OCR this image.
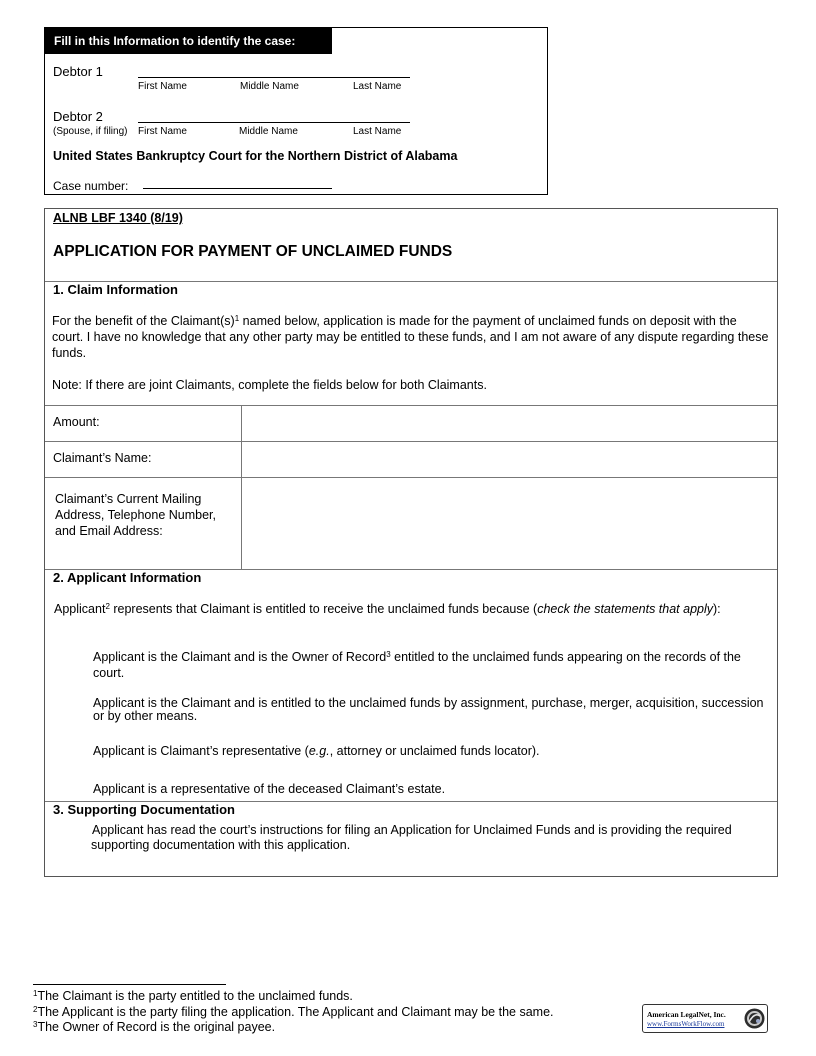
Fill in this Information to identify the case:
Debtor 1
First Name	Middle Name	Last Name
Debtor 2
(Spouse, if filing) First Name	Middle Name	Last Name
United States Bankruptcy Court for the Northern District of Alabama
Case number:
ALNB LBF 1340 (8/19)
APPLICATION FOR PAYMENT OF UNCLAIMED FUNDS
1. Claim Information
For the benefit of the $Claimant(s)^1$ named below, application is made for the payment of unclaimed funds on deposit with the court. I have no knowledge that any other party may be entitled to these funds, and I am not aware of any dispute regarding these funds.
Note: If there are joint Claimants, complete the fields below for both Claimants.
Amount:
Claimant’s Name:
Claimant’s Current Mailing Address, Telephone Number, and Email Address:
2. Applicant Information
Applicant$^2$ represents that Claimant is entitled to receive the unclaimed funds because (check the statements that apply):
Applicant is the Claimant and is the Owner of Record$^3$ entitled to the unclaimed funds appearing on the records of the court.
Applicant is the Claimant and is entitled to the unclaimed funds by assignment, purchase, merger, acquisition, succession or by other means.
Applicant is Claimant’s representative (e.g., attorney or unclaimed funds locator).
Applicant is a representative of the deceased Claimant’s estate.
3. Supporting Documentation
Applicant has read the court’s instructions for filing an Application for Unclaimed Funds and is providing the required supporting documentation with this application.
$^1$The Claimant is the party entitled to the unclaimed funds.
$^2$The Applicant is the party filing the application. The Applicant and Claimant may be the same.
$^3$The Owner of Record is the original payee.
American LegalNet, Inc.
www.FormsWorkFlow.com
